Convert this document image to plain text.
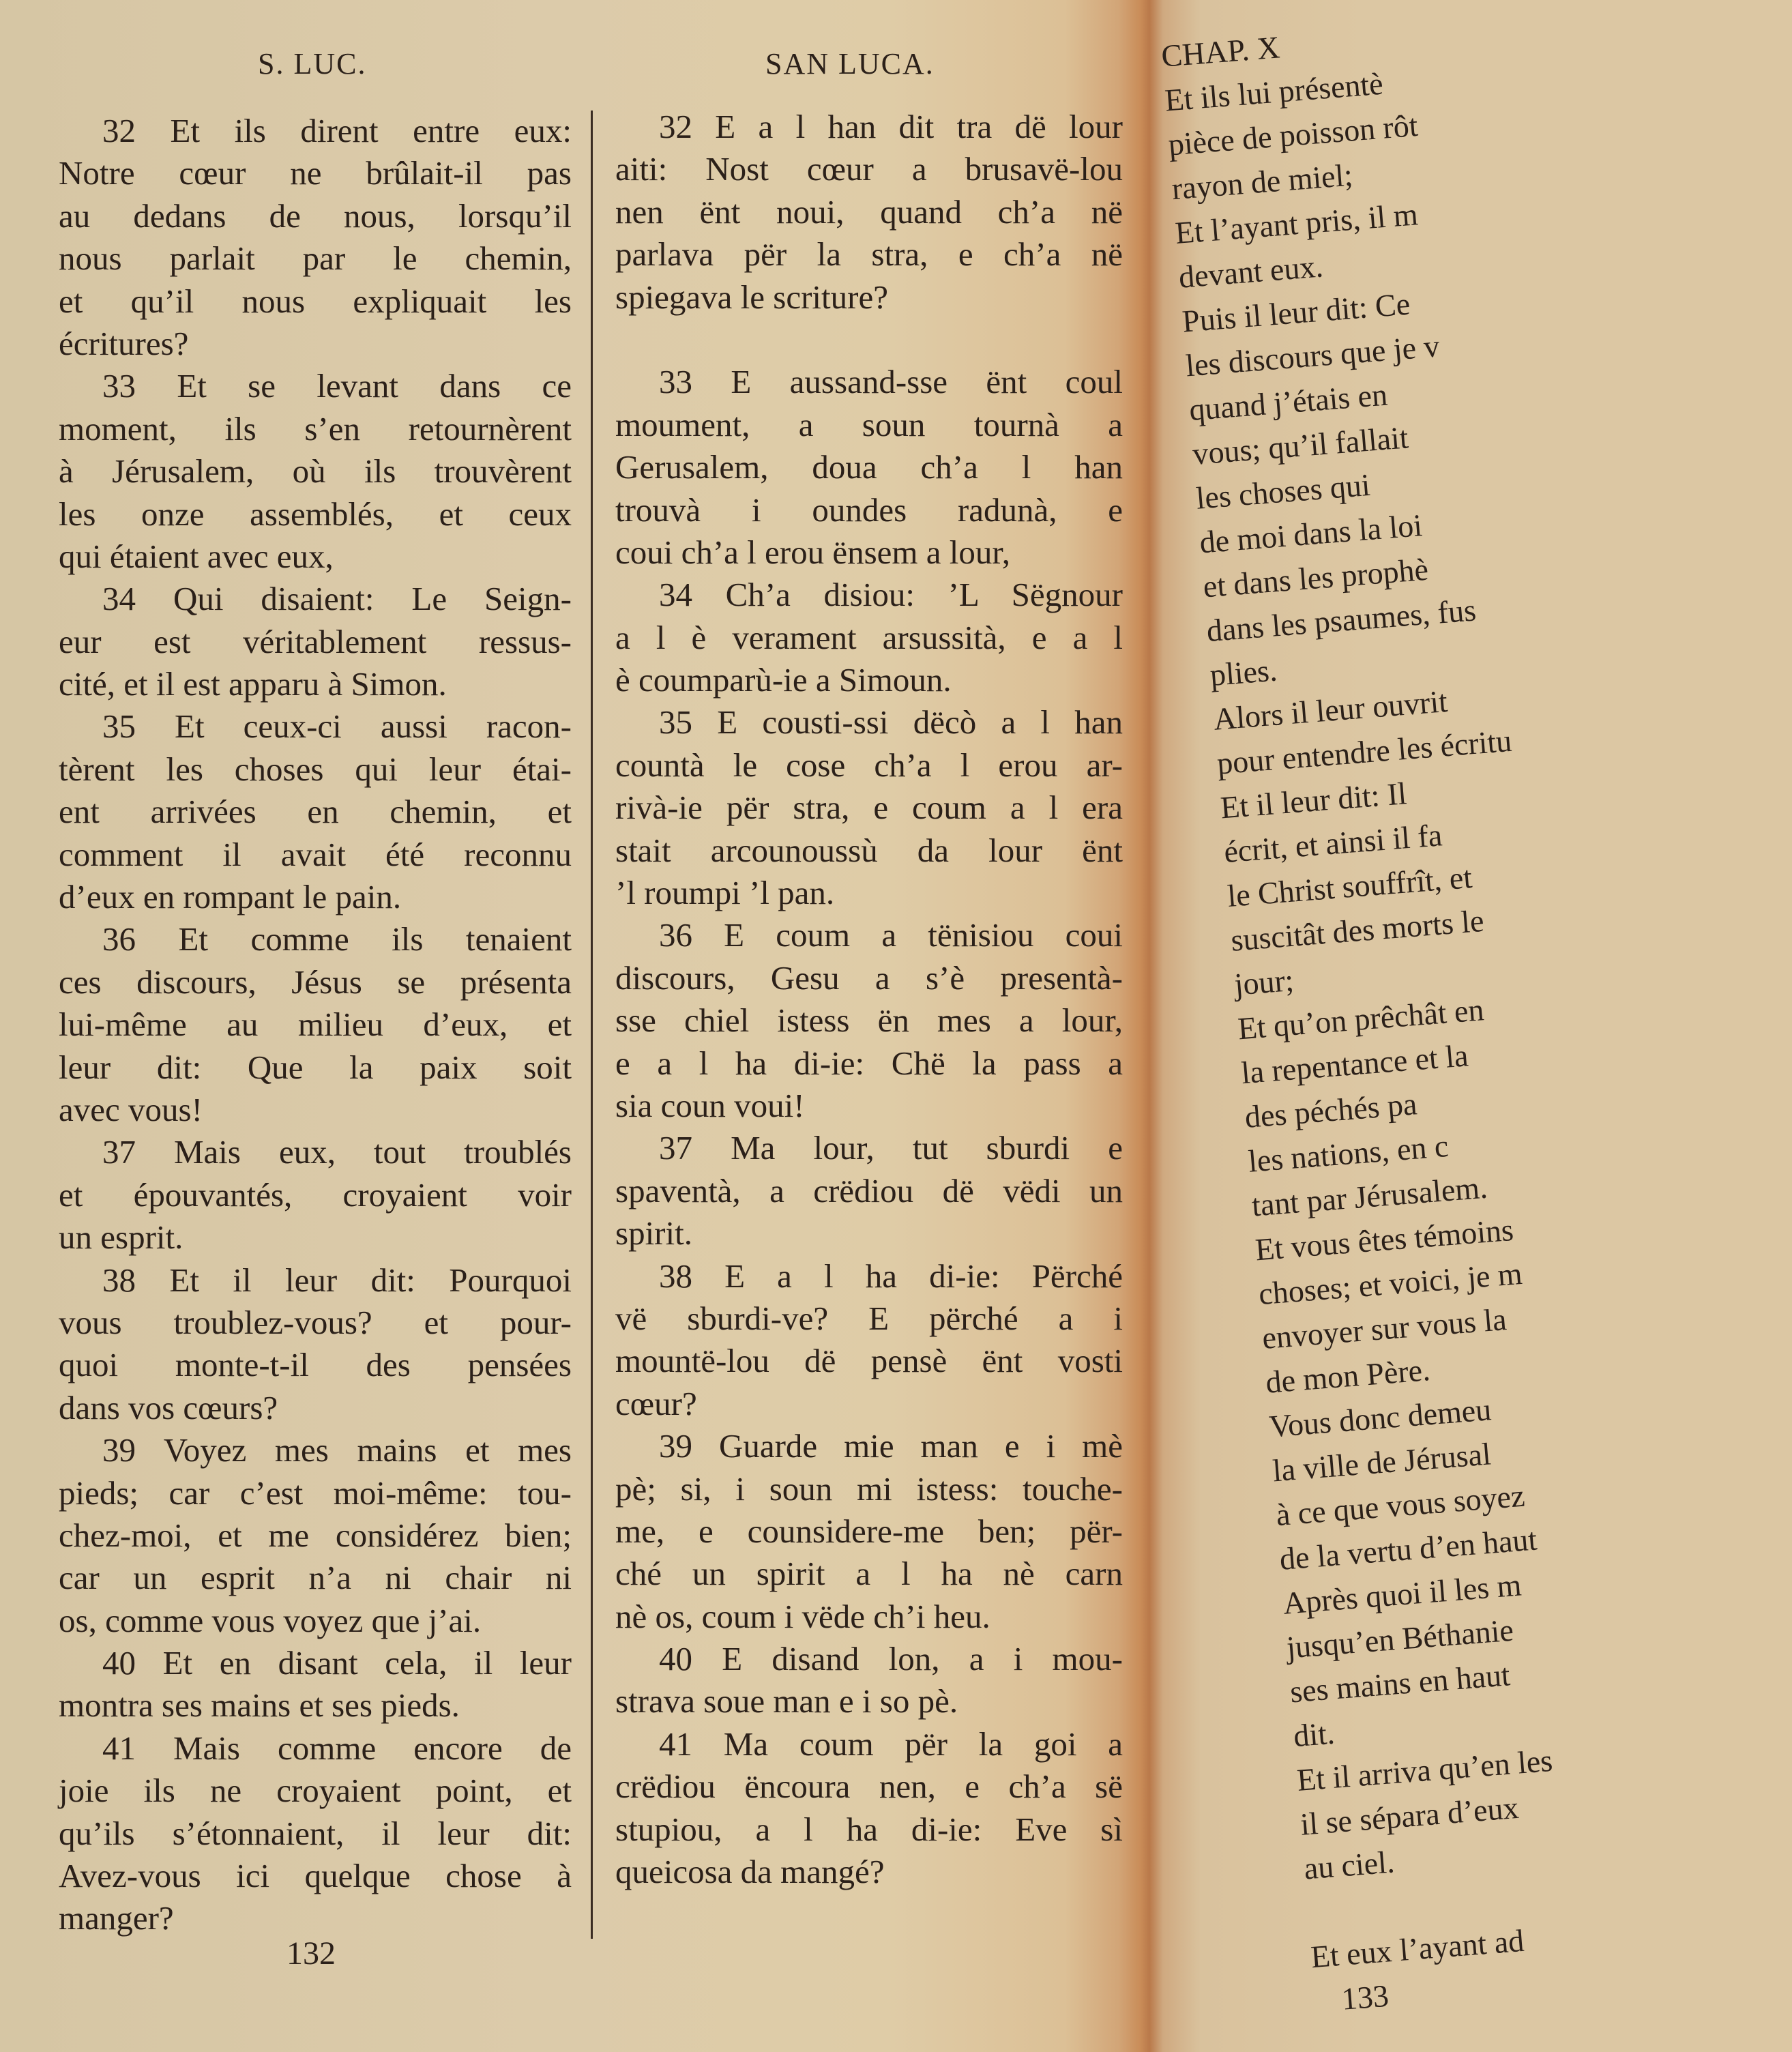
S. LUC.	SAN LUCA.
32 Et ils dirent entre eux:
Notre cœur ne brûlait-il pas
au dedans de nous, lorsqu’il
nous parlait par le chemin,
et qu’il nous expliquait les
écritures?
33 Et se levant dans ce
moment, ils s’en retournèrent
à Jérusalem, où ils trouvèrent
les onze assemblés, et ceux
qui étaient avec eux,
34 Qui disaient: Le Seign-
eur est véritablement ressus-
cité, et il est apparu à Simon.
35 Et ceux-ci aussi racon-
tèrent les choses qui leur étai-
ent arrivées en chemin, et
comment il avait été reconnu
d’eux en rompant le pain.
36 Et comme ils tenaient
ces discours, Jésus se présenta
lui-même au milieu d’eux, et
leur dit: Que la paix soit
avec vous!
37 Mais eux, tout troublés
et épouvantés, croyaient voir
un esprit.
38 Et il leur dit: Pourquoi
vous troublez-vous? et pour-
quoi monte-t-il des pensées
dans vos cœurs?
39 Voyez mes mains et mes
pieds; car c’est moi-même: tou-
chez-moi, et me considérez bien;
car un esprit n’a ni chair ni
os, comme vous voyez que j’ai.
40 Et en disant cela, il leur
montra ses mains et ses pieds.
41 Mais comme encore de
joie ils ne croyaient point, et
qu’ils s’étonnaient, il leur dit:
Avez-vous ici quelque chose à
manger?
32 E a l han dit tra dë lour
aiti: Nost cœur a brusavë-lou
nen ënt noui, quand ch’a në
parlava për la stra, e ch’a në
spiegava le scriture?
33 E aussand-sse ënt coul
moument, a soun tournà a
Gerusalem, doua ch’a l han
trouvà i oundes radunà, e
coui ch’a l erou ënsem a lour,
34 Ch’a disiou: ’L Sëgnour
a l è verament arsussità, e a l
è coumparù-ie a Simoun.
35 E cousti-ssi dëcò a l han
countà le cose ch’a l erou ar-
rivà-ie për stra, e coum a l era
stait arcounoussù da lour ënt
’l roumpi ’l pan.
36 E coum a tënisiou coui
discours, Gesu a s’è presentà-
sse chiel istess ën mes a lour,
e a l ha di-ie: Chë la pass a
sia coun voui!
37 Ma lour, tut sburdi e
spaventà, a crëdiou dë vëdi un
spirit.
38 E a l ha di-ie: Përché
vë sburdi-ve? E përché a i
mountë-lou dë pensè ënt vosti
cœur?
39 Guarde mie man e i mè
pè; si, i soun mi istess: touche-
me, e counsidere-me ben; për-
ché un spirit a l ha nè carn
nè os, coum i vëde ch’i heu.
40 E disand lon, a i mou-
strava soue man e i so pè.
41 Ma coum për la goi a
crëdiou ëncoura nen, e ch’a së
stupiou, a l ha di-ie: Eve sì
queicosa da mangé?
132
CHAP. X
Et ils lui présentè
pièce de poisson rôt
rayon de miel;
Et l’ayant pris, il m
devant eux.
Puis il leur dit: Ce
les discours que je v
quand j’étais en
vous; qu’il fallait
les choses qui
de moi dans la loi
et dans les prophè
dans les psaumes, fus
plies.
Alors il leur ouvrit
pour entendre les écritu
Et il leur dit: Il
écrit, et ainsi il fa
le Christ souffrît, et
suscitât des morts le
jour;
Et qu’on prêchât en
la repentance et la
des péchés pa
les nations, en c
tant par Jérusalem.
Et vous êtes témoins
choses; et voici, je m
envoyer sur vous la
de mon Père.
Vous donc demeu
la ville de Jérusal
à ce que vous soyez
de la vertu d’en haut
Après quoi il les m
jusqu’en Béthanie
ses mains en haut
dit.
Et il arriva qu’en les
il se sépara d’eux
au ciel.
Et eux l’ayant ad
133
